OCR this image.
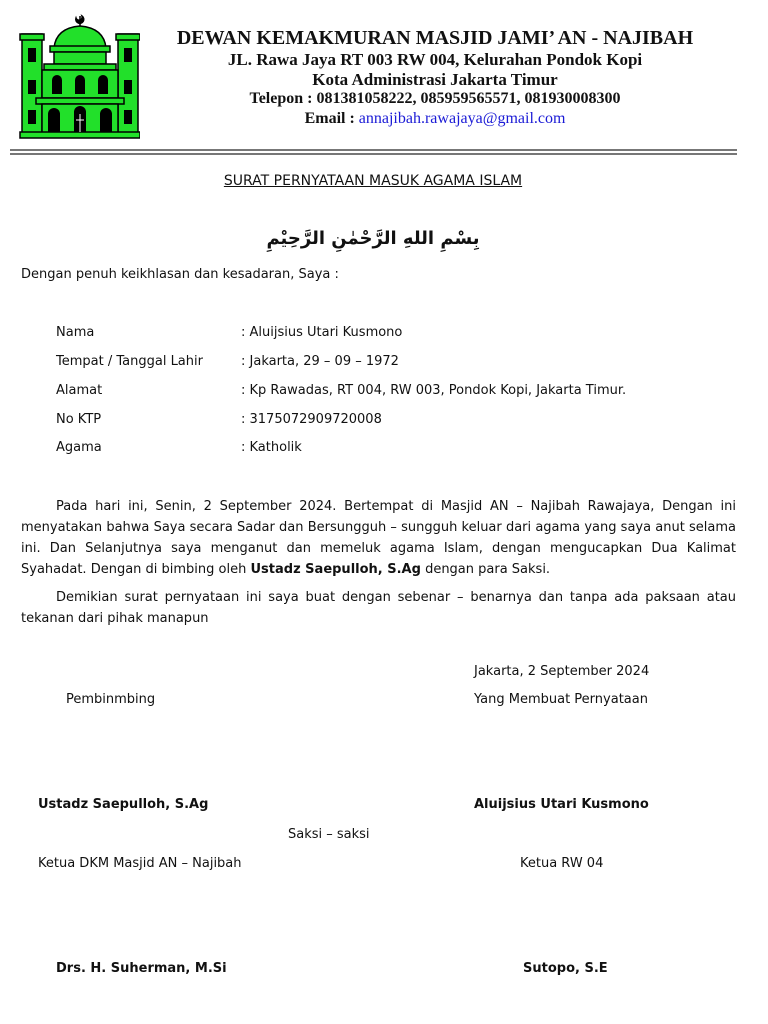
DEWAN KEMAKMURAN MASJID JAMI’ AN - NAJIBAH
JL. Rawa Jaya RT 003 RW 004, Kelurahan Pondok Kopi
Kota Administrasi Jakarta Timur
Telepon : 081381058222, 085959565571, 081930008300
Email : annajibah.rawajaya@gmail.com
SURAT PERNYATAAN MASUK AGAMA ISLAM
بِسْمِ اللهِ الرَّحْمٰنِ الرَّحِيْمِ
Dengan penuh keikhlasan dan kesadaran, Saya :
Nama	: Aluijsius Utari Kusmono
Tempat / Tanggal Lahir	: Jakarta, 29 – 09 – 1972
Alamat	: Kp Rawadas, RT 004, RW 003, Pondok Kopi, Jakarta Timur.
No KTP	: 3175072909720008
Agama	: Katholik
Pada hari ini, Senin, 2 September 2024. Bertempat di Masjid AN – Najibah Rawajaya, Dengan ini menyatakan bahwa Saya secara Sadar dan Bersungguh – sungguh keluar dari agama yang saya anut selama ini. Dan Selanjutnya saya menganut dan memeluk agama Islam, dengan mengucapkan Dua Kalimat Syahadat. Dengan di bimbing oleh Ustadz Saepulloh, S.Ag dengan para Saksi.
Demikian surat pernyataan ini saya buat dengan sebenar – benarnya dan tanpa ada paksaan atau tekanan dari pihak manapun
Jakarta, 2 September 2024
Pembinmbing	Yang Membuat Pernyataan
Ustadz Saepulloh, S.Ag	Aluijsius Utari Kusmono
Saksi – saksi
Ketua DKM Masjid AN – Najibah	Ketua RW 04
Drs. H. Suherman, M.Si	Sutopo, S.E
